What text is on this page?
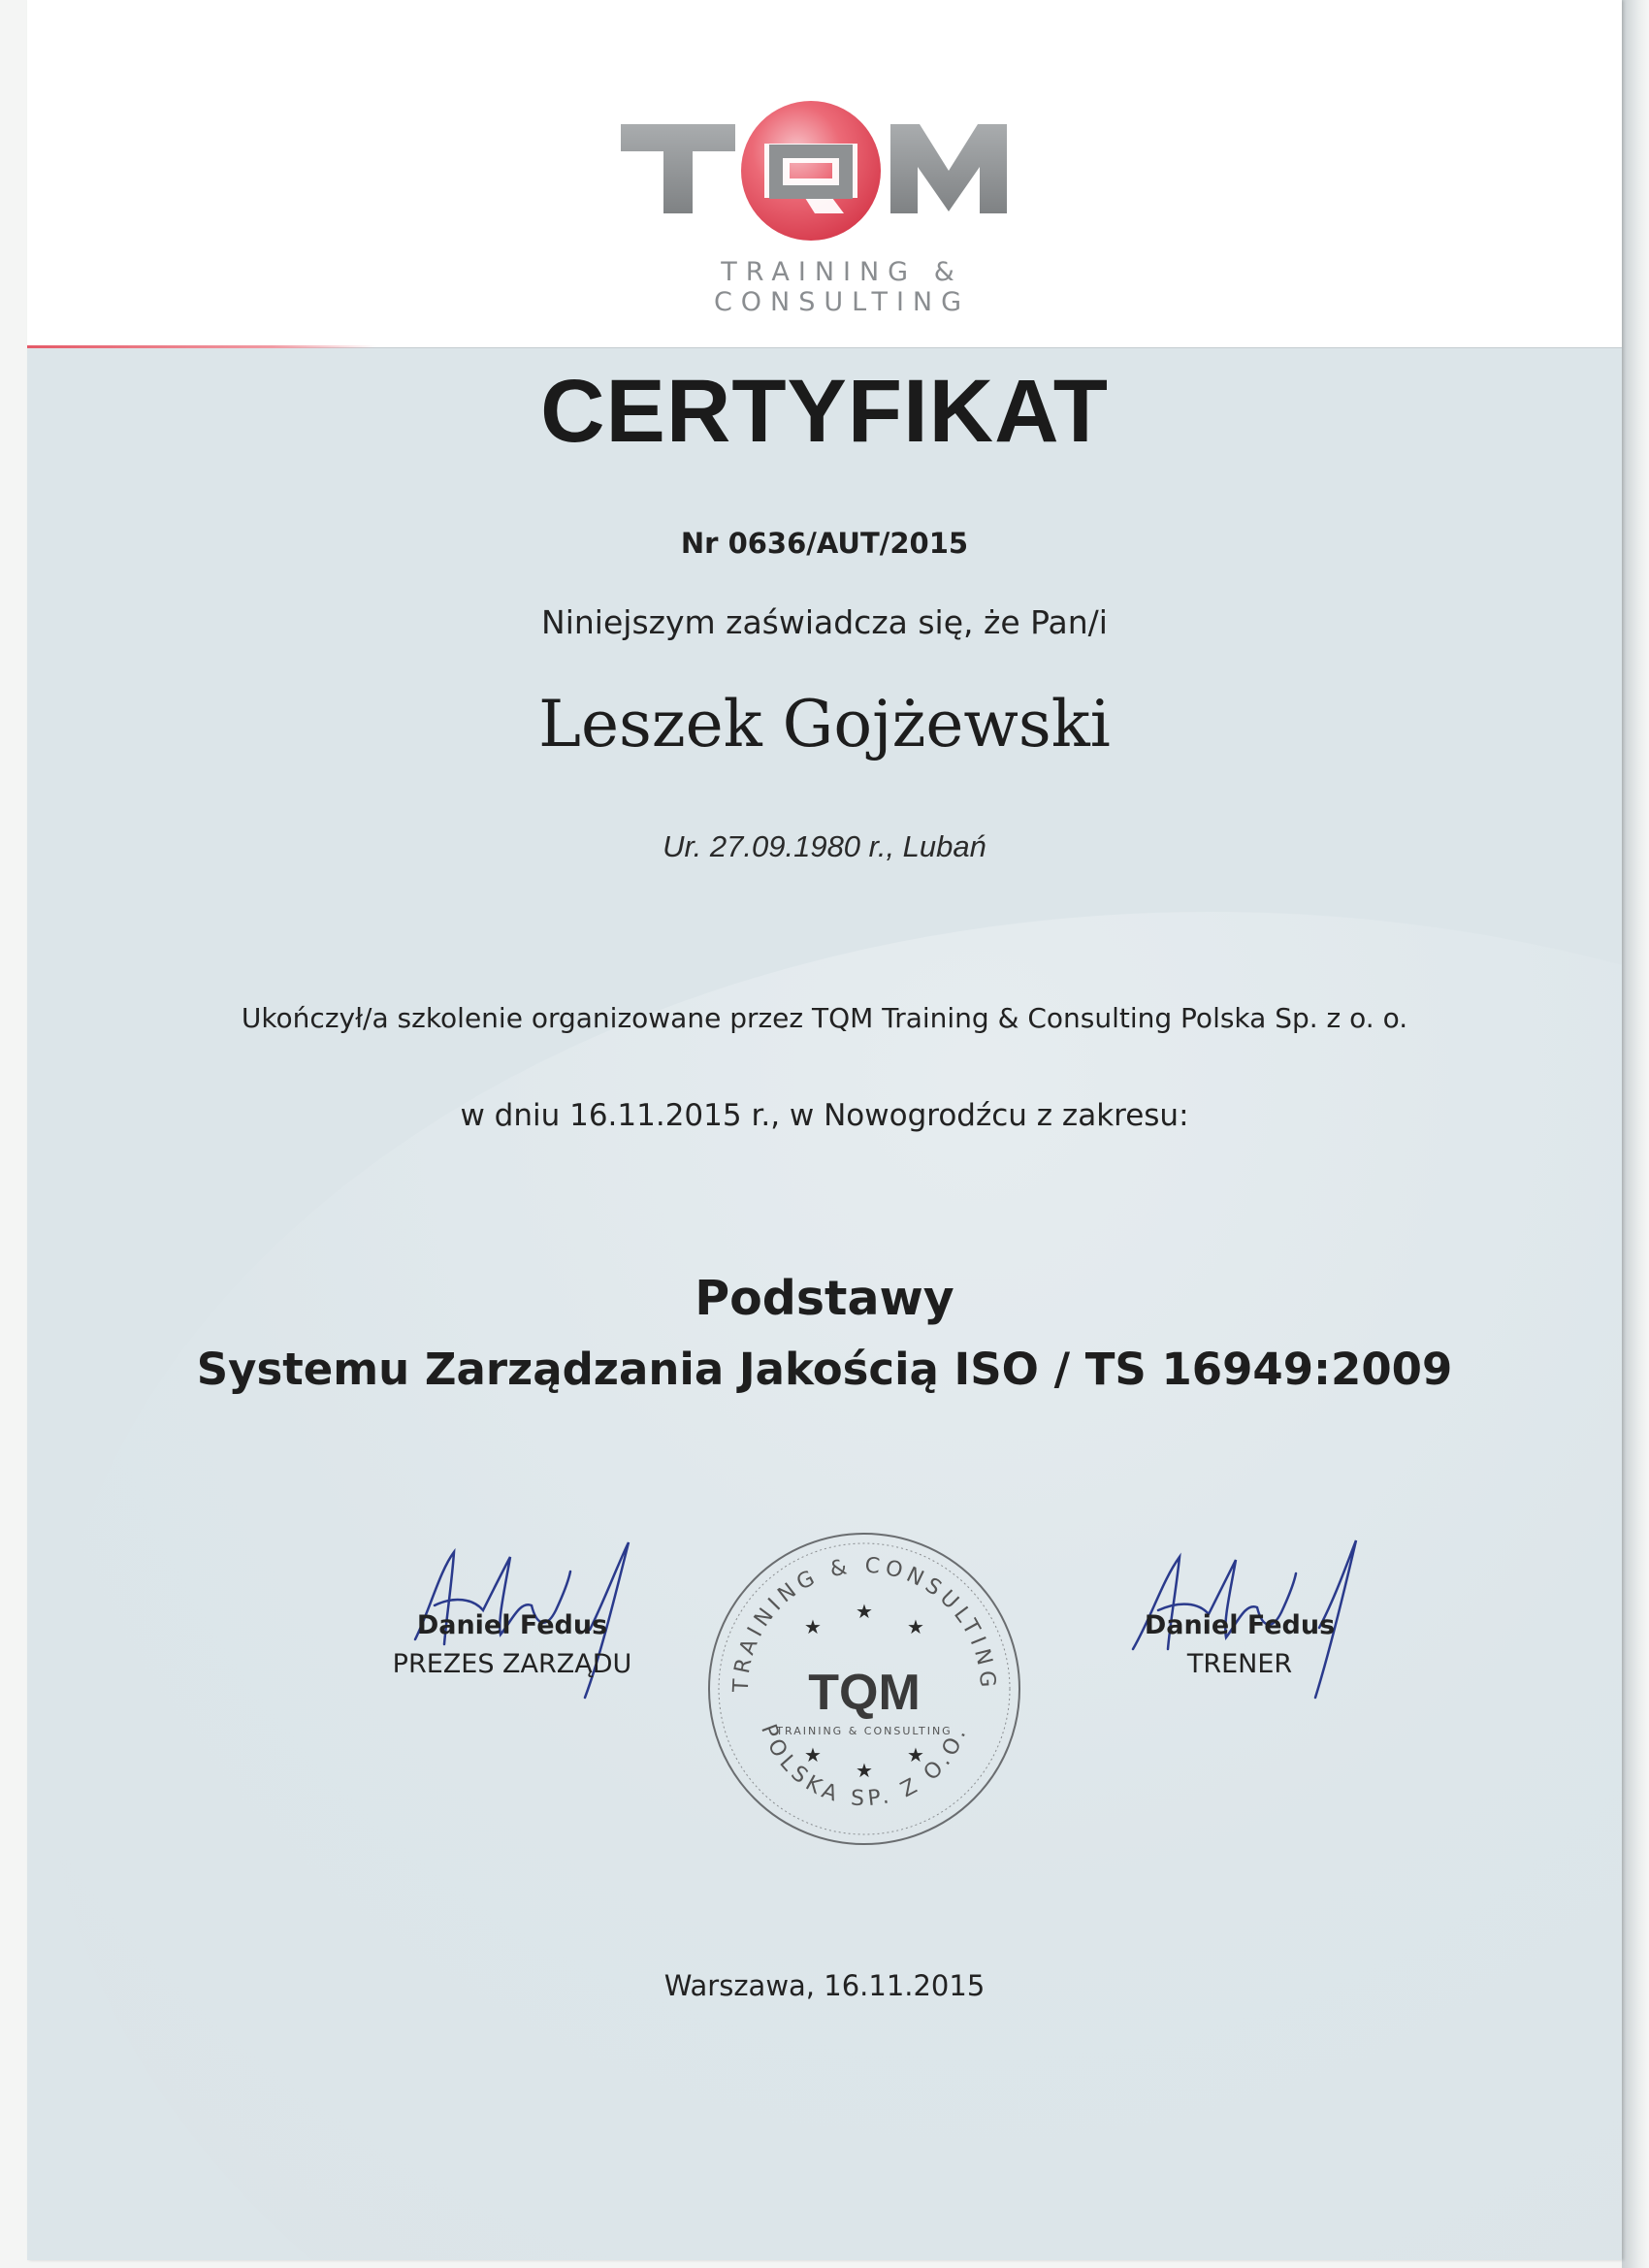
TRAINING & CONSULTING
CERTYFIKAT
Nr 0636/AUT/2015
Niniejszym zaświadcza się, że Pan/i
Leszek Gojżewski
Ur. 27.09.1980 r., Lubań
Ukończył/a szkolenie organizowane przez TQM Training & Consulting Polska Sp. z o. o.
w dniu 16.11.2015 r., w Nowogrodźcu z zakresu:
Podstawy
Systemu Zarządzania Jakością ISO / TS 16949:2009
Daniel Fedus
PREZES ZARZĄDU
TRAINING & CONSULTING
POLSKA SP. Z O.O.
★
★
★
★
★
★
TQM
TRAINING & CONSULTING
Daniel Fedus
TRENER
Warszawa, 16.11.2015
